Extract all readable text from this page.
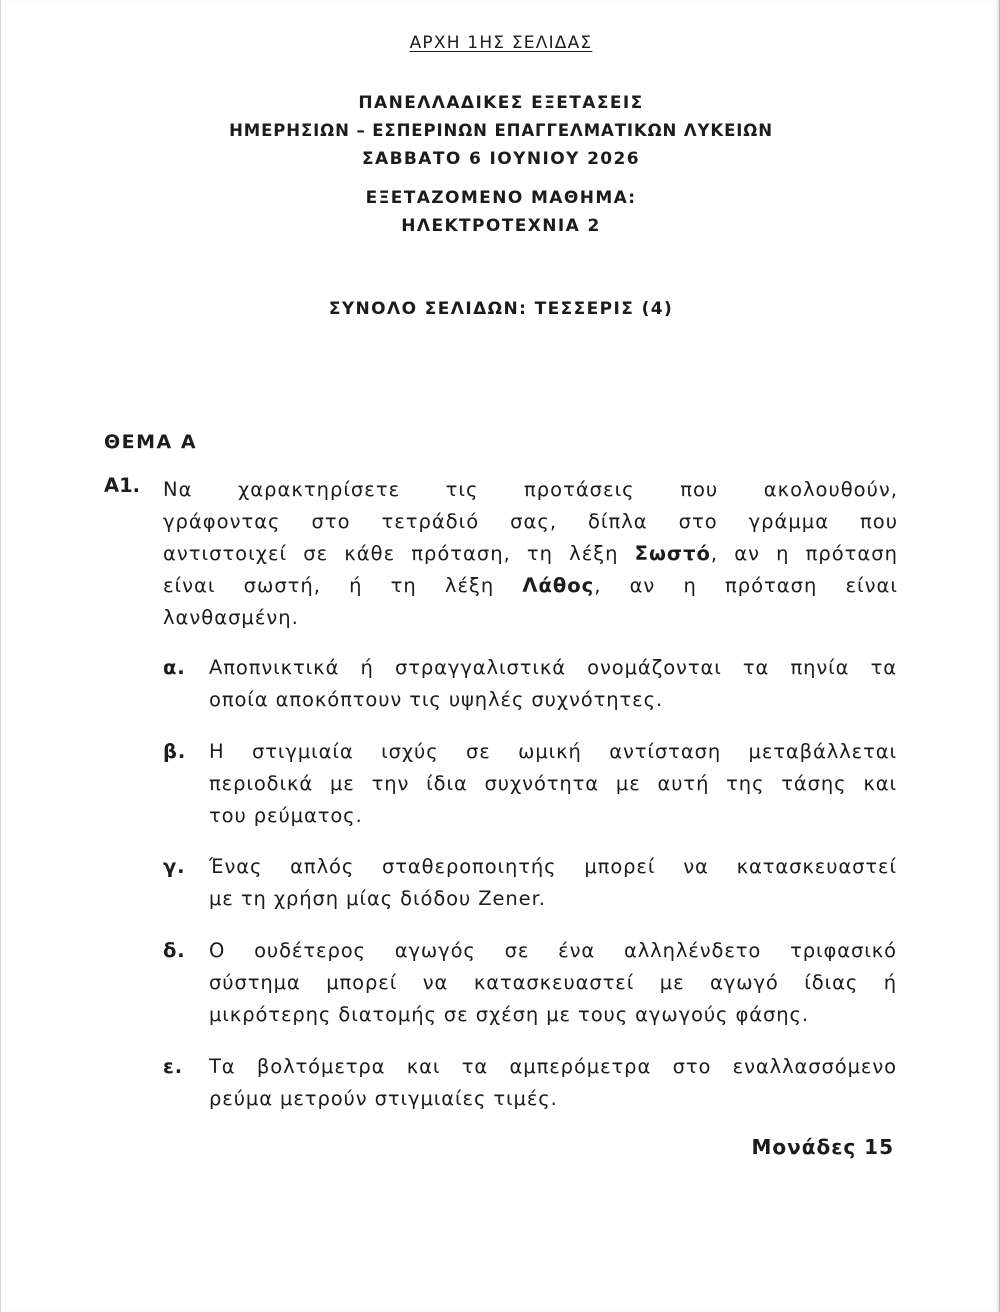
ΑΡΧΗ 1ΗΣ ΣΕΛΙΔΑΣ
ΠΑΝΕΛΛΑΔΙΚΕΣ ΕΞΕΤΑΣΕΙΣ
ΗΜΕΡΗΣΙΩΝ – ΕΣΠΕΡΙΝΩΝ ΕΠΑΓΓΕΛΜΑΤΙΚΩΝ ΛΥΚΕΙΩΝ
ΣΑΒΒΑΤΟ 6 ΙΟΥΝΙΟΥ 2026
ΕΞΕΤΑΖΟΜΕΝΟ ΜΑΘΗΜΑ:
ΗΛΕΚΤΡΟΤΕΧΝΙΑ 2
ΣΥΝΟΛΟ ΣΕΛΙΔΩΝ: ΤΕΣΣΕΡΙΣ (4)
ΘΕΜΑ Α
Α1. Να χαρακτηρίσετε τις προτάσεις που ακολουθούν,
γράφοντας στο τετράδιό σας, δίπλα στο γράμμα που
αντιστοιχεί σε κάθε πρόταση, τη λέξη Σωστό, αν η πρόταση
είναι σωστή, ή τη λέξη Λάθος, αν η πρόταση είναι
λανθασμένη.
α.	Αποπνικτικά ή στραγγαλιστικά ονομάζονται τα πηνία τα
οποία αποκόπτουν τις υψηλές συχνότητες.
β.	Η στιγμιαία ισχύς σε ωμική αντίσταση μεταβάλλεται
περιοδικά με την ίδια συχνότητα με αυτή της τάσης και
του ρεύματος.
γ.	Ένας απλός σταθεροποιητής μπορεί να κατασκευαστεί
με τη χρήση μίας διόδου Zener.
δ.	Ο ουδέτερος αγωγός σε ένα αλληλένδετο τριφασικό
σύστημα μπορεί να κατασκευαστεί με αγωγό ίδιας ή
μικρότερης διατομής σε σχέση με τους αγωγούς φάσης.
ε.	Τα βολτόμετρα και τα αμπερόμετρα στο εναλλασσόμενο
ρεύμα μετρούν στιγμιαίες τιμές.
Μονάδες 15
